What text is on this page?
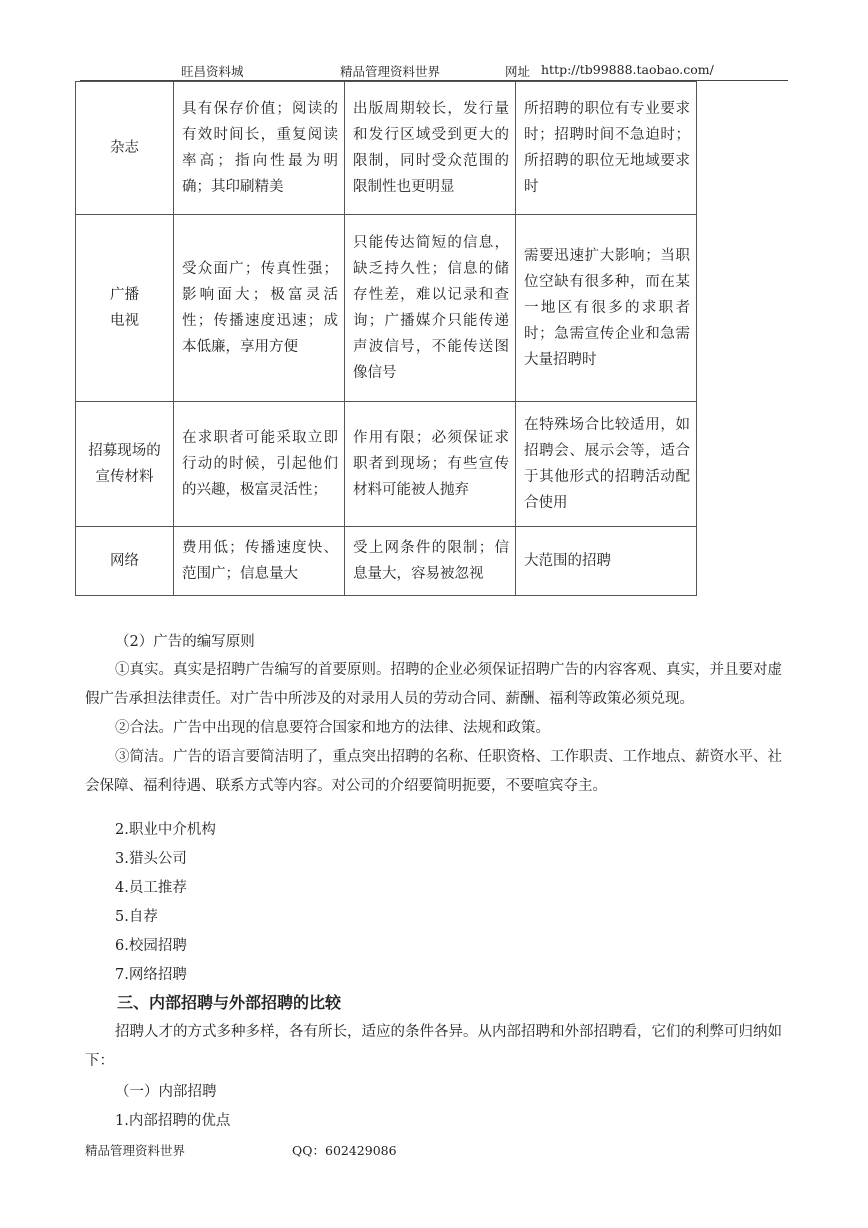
旺昌资料城	精品管理资料世界	网址 http://tb99888.taobao.com/
杂志	具有保存价值；阅读的有效时间长，重复阅读率高；指向性最为明确；其印刷精美	出版周期较长，发行量和发行区域受到更大的限制，同时受众范围的限制性也更明显	所招聘的职位有专业要求时；招聘时间不急迫时；所招聘的职位无地域要求时

广播
电视	受众面广；传真性强；影响面大；极富灵活性；传播速度迅速；成本低廉，享用方便	只能传达简短的信息，缺乏持久性；信息的储存性差，难以记录和查询；广播媒介只能传递声波信号，不能传送图像信号	需要迅速扩大影响；当职位空缺有很多种，而在某一地区有很多的求职者时；急需宣传企业和急需大量招聘时

招募现场的
宣传材料	在求职者可能采取立即行动的时候，引起他们的兴趣，极富灵活性；	作用有限；必须保证求职者到现场；有些宣传材料可能被人抛弃	在特殊场合比较适用，如招聘会、展示会等，适合于其他形式的招聘活动配合使用

网络	费用低；传播速度快、范围广；信息量大	受上网条件的限制；信息量大，容易被忽视	大范围的招聘
（2）广告的编写原则
①真实。真实是招聘广告编写的首要原则。招聘的企业必须保证招聘广告的内容客观、真实，并且要对虚假广告承担法律责任。对广告中所涉及的对录用人员的劳动合同、薪酬、福利等政策必须兑现。
②合法。广告中出现的信息要符合国家和地方的法律、法规和政策。
③简洁。广告的语言要简洁明了，重点突出招聘的名称、任职资格、工作职责、工作地点、薪资水平、社会保障、福利待遇、联系方式等内容。对公司的介绍要简明扼要，不要喧宾夺主。
2.职业中介机构
3.猎头公司
4.员工推荐
5.自荐
6.校园招聘
7.网络招聘
三、内部招聘与外部招聘的比较
招聘人才的方式多种多样，各有所长，适应的条件各异。从内部招聘和外部招聘看，它们的利弊可归纳如下：
（一）内部招聘
1.内部招聘的优点
精品管理资料世界	QQ：602429086
